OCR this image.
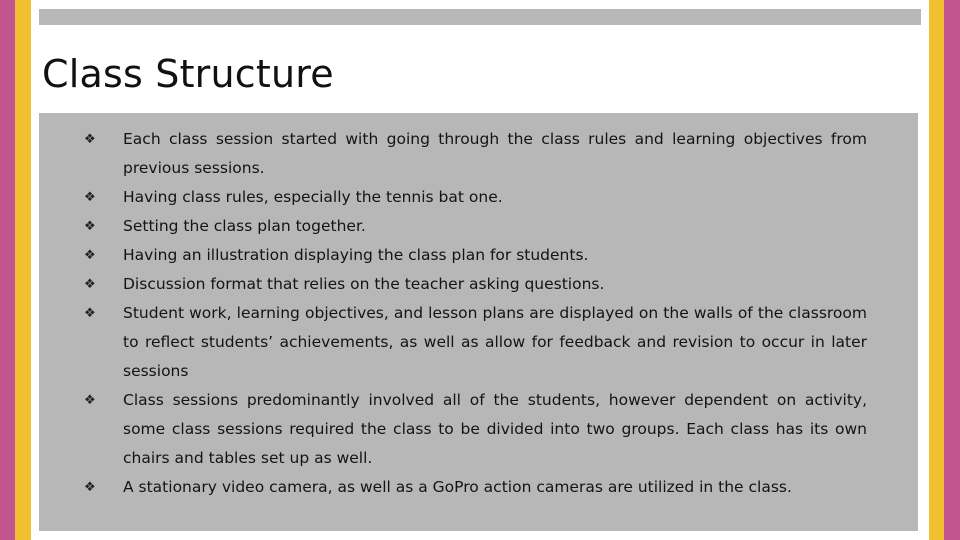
Class Structure
❖	Each class session started with going through the class rules and learning objectives from previous sessions.
❖	Having class rules, especially the tennis bat one.
❖	Setting the class plan together.
❖	Having an illustration displaying the class plan for students.
❖	Discussion format that relies on the teacher asking questions.
❖	Student work, learning objectives, and lesson plans are displayed on the walls of the classroom to reflect students’ achievements, as well as allow for feedback and revision to occur in later sessions
❖	Class sessions predominantly involved all of the students, however dependent on activity, some class sessions required the class to be divided into two groups. Each class has its own chairs and tables set up as well.
❖	A stationary video camera, as well as a GoPro action cameras are utilized in the class.
